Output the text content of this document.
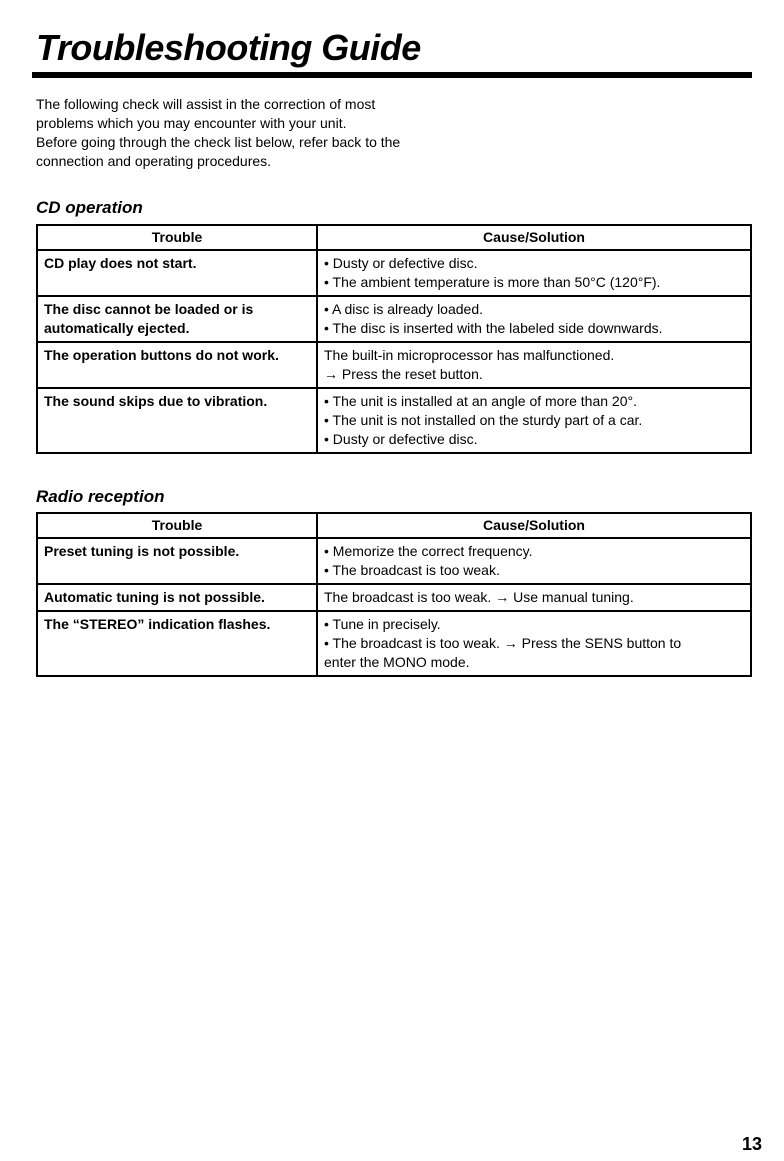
Troubleshooting Guide

The following check will assist in the correction of most

problems which you may encounter with your unit.

Before going through the check list below, refer back to the

connection and operating procedures.

CD operation
Trouble	Cause/Solution
CD play does not start.	• Dusty or defective disc.
• The ambient temperature is more than 50°C (120°F).

The disc cannot be loaded or is automatically ejected.	• A disc is already loaded.
• The disc is inserted with the labeled side downwards.

The operation buttons do not work.	The built-in microprocessor has malfunctioned.
→ Press the reset button.

The sound skips due to vibration.	• The unit is installed at an angle of more than 20°.
• The unit is not installed on the sturdy part of a car.
• Dusty or defective disc.
Radio reception
Trouble	Cause/Solution
Preset tuning is not possible.	• Memorize the correct frequency.
• The broadcast is too weak.

Automatic tuning is not possible.	The broadcast is too weak. → Use manual tuning.

The “STEREO” indication flashes.	• Tune in precisely.
• The broadcast is too weak. → Press the SENS button to
enter the MONO mode.
13
